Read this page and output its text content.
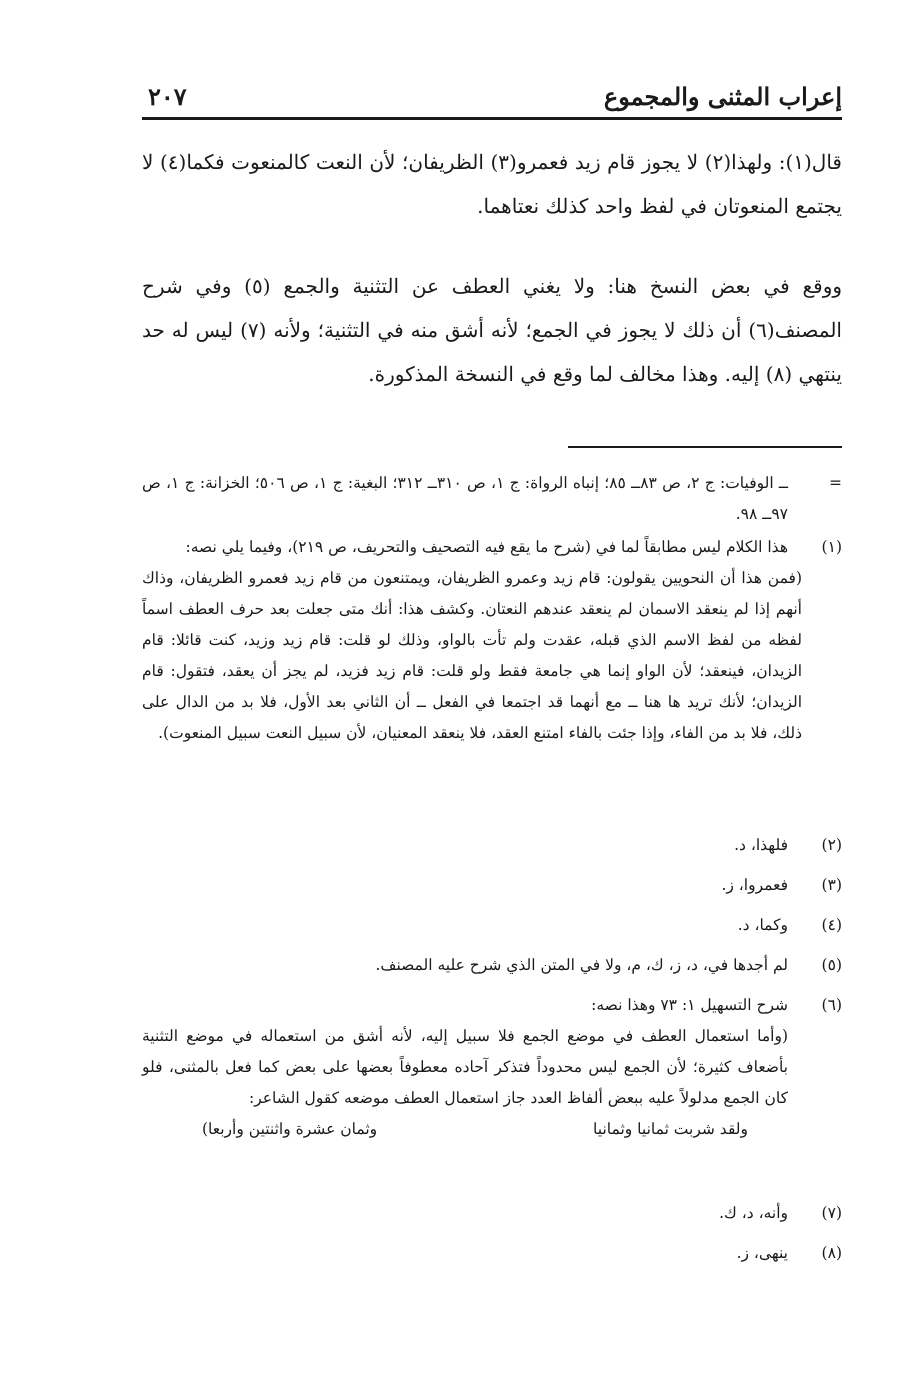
إعراب المثنى والمجموع
٢٠٧

قال(١): ولهذا(٢) لا يجوز قام زيد فعمرو(٣) الظريفان؛ لأن النعت كالمنعوت فكما(٤) لا يجتمع المنعوتان في لفظ واحد كذلك نعتاهما.

ووقع في بعض النسخ هنا: ولا يغني العطف عن التثنية والجمع (٥) وفي شرح المصنف(٦) أن ذلك لا يجوز في الجمع؛ لأنه أشق منه في التثنية؛ ولأنه (٧) ليس له حد ينتهي (٨) إليه. وهذا مخالف لما وقع في النسخة المذكورة.

=
ــ الوفيات: ج ٢، ص ٨٣ــ ٨٥؛ إنباه الرواة: ج ١، ص ٣١٠ــ ٣١٢؛ البغية: ج ١، ص ٥٠٦؛ الخزانة: ج ١، ص ٩٧ــ ٩٨.
(١)
هذا الكلام ليس مطابقاً لما في (شرح ما يقع فيه التصحيف والتحريف، ص ٢١٩)، وفيما يلي نصه:
(فمن هذا أن النحويين يقولون: قام زيد وعمرو الظريفان، ويمتنعون من قام زيد فعمرو الظريفان، وذاك أنهم إذا لم ينعقد الاسمان لم ينعقد عندهم النعتان. وكشف هذا: أنك متى جعلت بعد حرف العطف اسماً لفظه من لفظ الاسم الذي قبله، عقدت ولم تأت بالواو، وذلك لو قلت: قام زيد وزيد، كنت قائلا: قام الزيدان، فينعقد؛ لأن الواو إنما هي جامعة فقط ولو قلت: قام زيد فزيد، لم يجز أن يعقد، فتقول: قام الزيدان؛ لأنك تريد ها هنا ــ مع أنهما قد اجتمعا في الفعل ــ أن الثاني بعد الأول، فلا بد من الدال على ذلك، فلا بد من الفاء، وإذا جئت بالفاء امتنع العقد، فلا ينعقد المعنيان، لأن سبيل النعت سبيل المنعوت).
(٢)
فلهذا، د.
(٣)
فعمروا، ز.
(٤)
وكما، د.
(٥)
لم أجدها في، د، ز، ك، م، ولا في المتن الذي شرح عليه المصنف.
(٦)
شرح التسهيل ١: ٧٣ وهذا نصه:
(وأما استعمال العطف في موضع الجمع فلا سبيل إليه، لأنه أشق من استعماله في موضع التثنية بأضعاف كثيرة؛ لأن الجمع ليس محدوداً فتذكر آحاده معطوفاً بعضها على بعض كما فعل بالمثنى، فلو كان الجمع مدلولاً عليه ببعض ألفاظ العدد جاز استعمال العطف موضعه كقول الشاعر:
ولقد شربت ثمانيا وثمانيا
وثمان عشرة واثنتين وأربعا)
(٧)
وأنه، د، ك.
(٨)
ينهى، ز.
